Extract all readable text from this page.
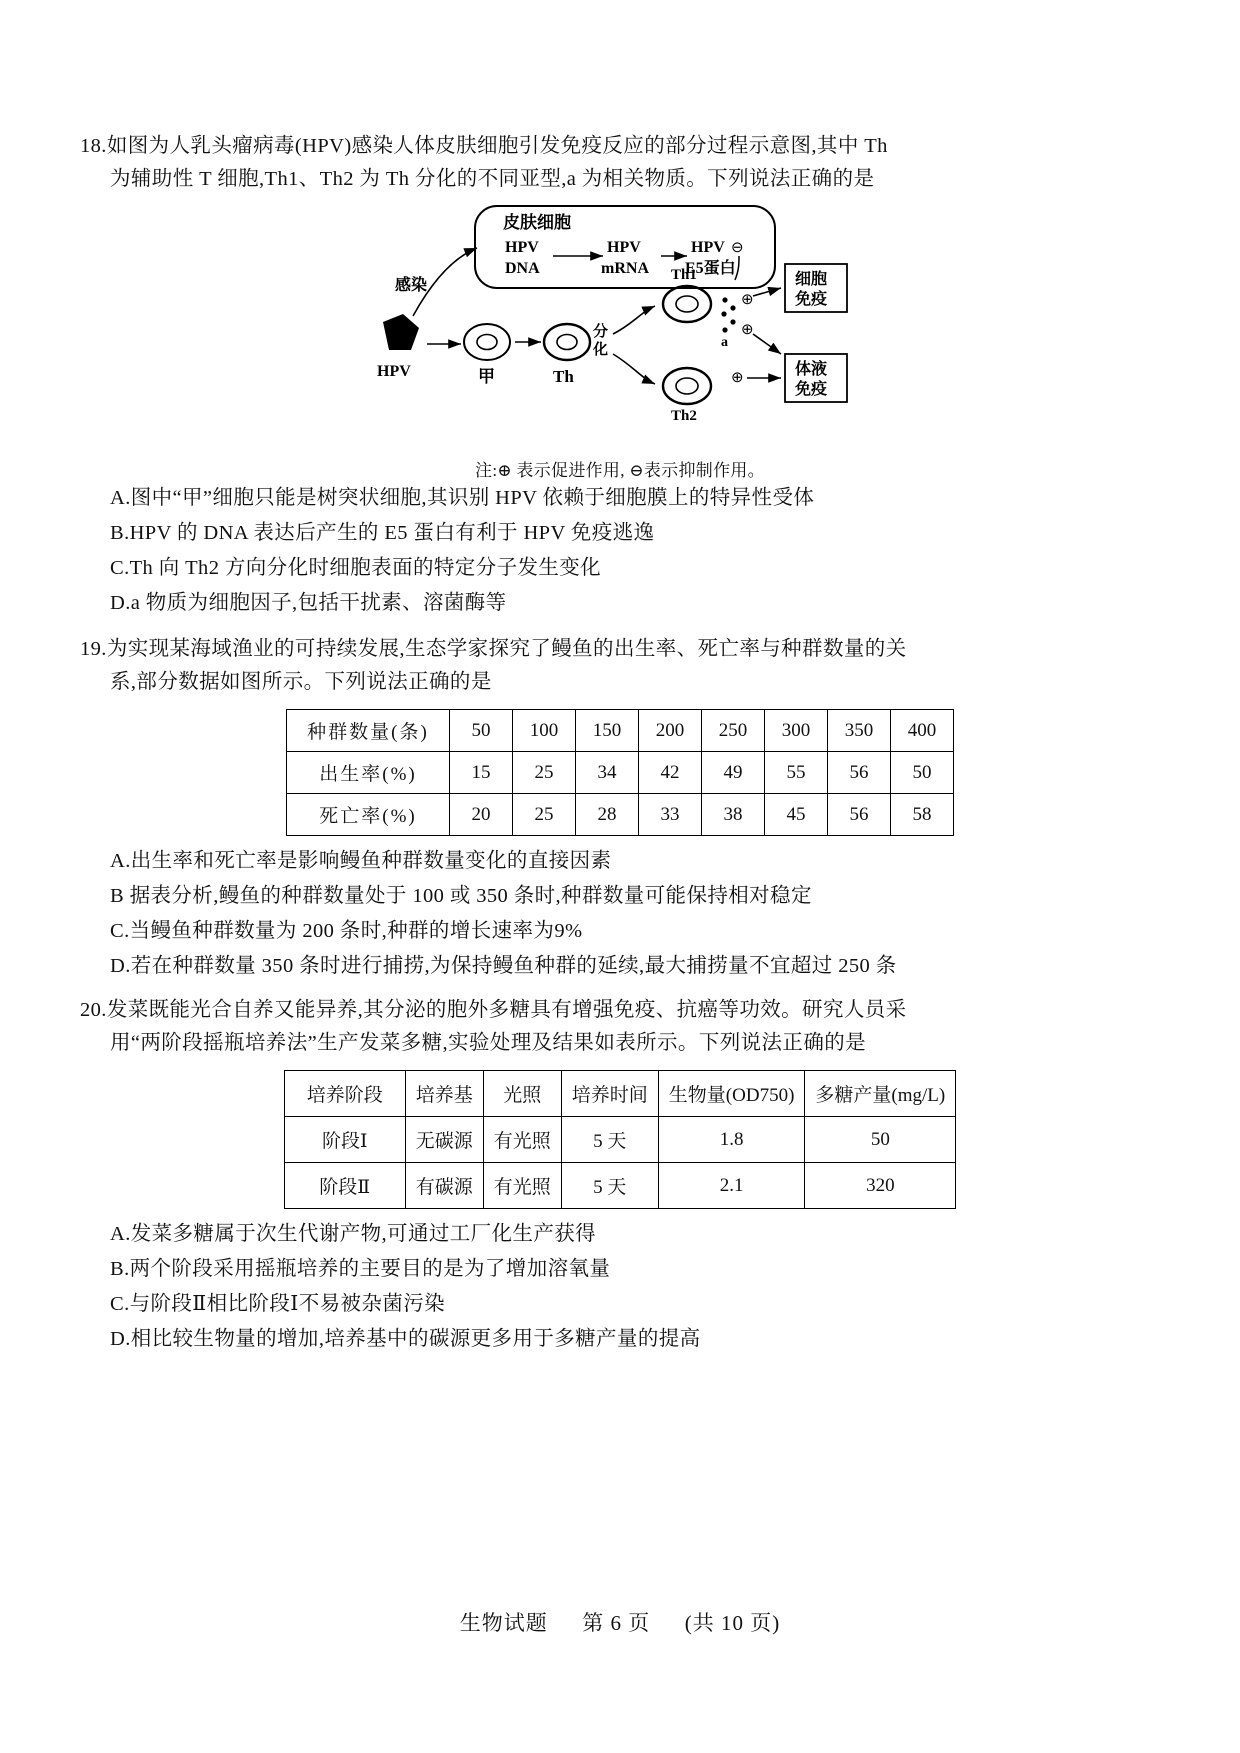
18. 如图为人乳头瘤病毒(HPV)感染人体皮肤细胞引发免疫反应的部分过程示意图,其中 Th
为辅助性 T 细胞,Th1、Th2 为 Th 分化的不同亚型,a 为相关物质。下列说法正确的是
皮肤细胞
HPV
DNA
HPV
mRNA
HPV
E5蛋白
HPV
感染
甲	Th
分
化
Th1
Th2
a
⊖
⊕
⊕
⊕
细胞
免疫
体液
免疫
注:⊕ 表示促进作用, ⊖表示抑制作用。
A.图中“甲”细胞只能是树突状细胞,其识别 HPV 依赖于细胞膜上的特异性受体
B.HPV 的 DNA 表达后产生的 E5 蛋白有利于 HPV 免疫逃逸
C.Th 向 Th2 方向分化时细胞表面的特定分子发生变化
D.a 物质为细胞因子,包括干扰素、溶菌酶等
19. 为实现某海域渔业的可持续发展,生态学家探究了鳗鱼的出生率、死亡率与种群数量的关
系,部分数据如图所示。下列说法正确的是
种群数量(条)	50	100	150	200	250	300	350	400
出生率(%)	15	25	34	42	49	55	56	50
死亡率(%)	20	25	28	33	38	45	56	58
A.出生率和死亡率是影响鳗鱼种群数量变化的直接因素
B 据表分析,鳗鱼的种群数量处于 100 或 350 条时,种群数量可能保持相对稳定
C.当鳗鱼种群数量为 200 条时,种群的增长速率为9%
D.若在种群数量 350 条时进行捕捞,为保持鳗鱼种群的延续,最大捕捞量不宜超过 250 条
20. 发菜既能光合自养又能异养,其分泌的胞外多糖具有增强免疫、抗癌等功效。研究人员采
用“两阶段摇瓶培养法”生产发菜多糖,实验处理及结果如表所示。下列说法正确的是
培养阶段	培养基	光照	培养时间	生物量(OD750)	多糖产量(mg/L)
阶段Ⅰ	无碳源	有光照	5 天	1.8	50
阶段Ⅱ	有碳源	有光照	5 天	2.1	320
A.发菜多糖属于次生代谢产物,可通过工厂化生产获得
B.两个阶段采用摇瓶培养的主要目的是为了增加溶氧量
C.与阶段Ⅱ相比阶段Ⅰ不易被杂菌污染
D.相比较生物量的增加,培养基中的碳源更多用于多糖产量的提高
生物试题 第 6 页 (共 10 页)
